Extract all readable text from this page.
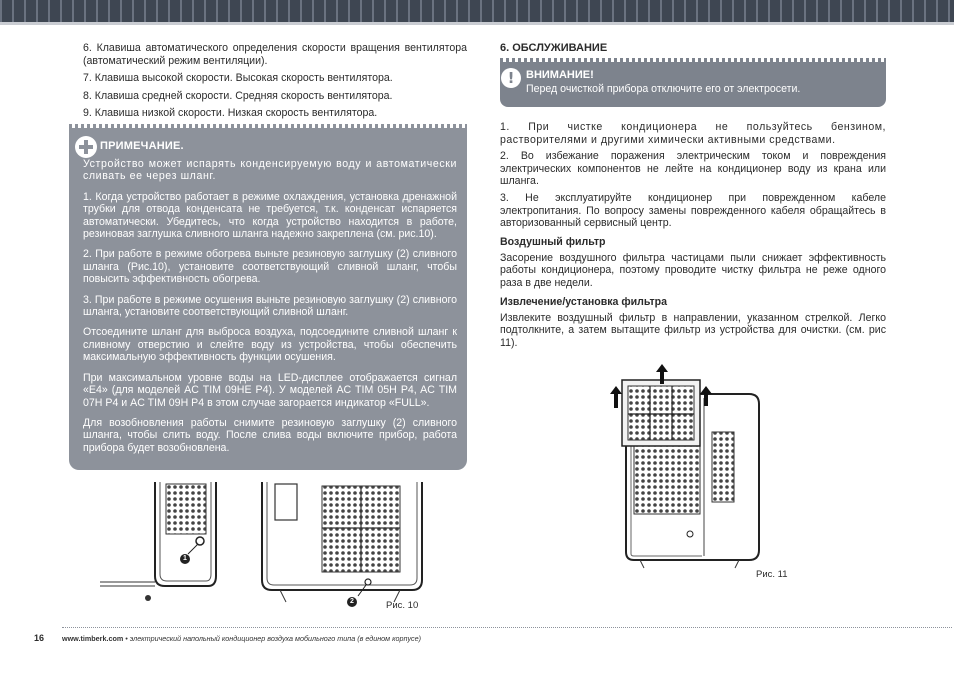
6. Клавиша автоматического определения скорости вращения вентилятора (автоматический режим вентиляции).
7. Клавиша высокой скорости. Высокая скорость вентилятора.
8. Клавиша средней скорости. Средняя скорость вентилятора.
9. Клавиша низкой скорости. Низкая скорость вентилятора.
ПРИМЕЧАНИЕ.

Устройство может испарять конденсируемую воду и автоматически сливать ее через шланг.

1. Когда устройство работает в режиме охлаждения, установка дренажной трубки для отвода конденсата не требуется, т.к. конденсат испаряется автоматически. Убедитесь, что когда устройство находится в работе, резиновая заглушка сливного шланга надежно закреплена (см. рис.10).

2. При работе в режиме обогрева выньте резиновую заглушку (2) сливного шланга (Рис.10), установите соответствующий сливной шланг, чтобы повысить эффективность обогрева.

3. При работе в режиме осушения выньте резиновую заглушку (2) сливного шланга, установите соответствующий сливной шланг.

Отсоедините шланг для выброса воздуха, подсоедините сливной шланг к сливному отверстию и слейте воду из устройства, чтобы обеспечить максимальную эффективность функции осушения.

При максимальном уровне воды на LED-дисплее отображается сигнал «E4» (для моделей AC TIM 09HE P4). У моделей AC TIM 05H P4, AC TIM 07H P4 и AC TIM 09H P4 в этом случае загорается индикатор «FULL».

Для возобновления работы снимите резиновую заглушку (2) сливного шланга, чтобы слить воду. После слива воды включите прибор, работа прибора будет возобновлена.

1
2	Рис. 10
6. ОБСЛУЖИВАНИЕ
!	ВНИМАНИЕ!
Перед очисткой прибора отключите его от электросети.

1. При чистке кондиционера не пользуйтесь бензином, растворителями и другими химически активными средствами.

2. Во избежание поражения электрическим током и повреждения электрических компонентов не лейте на кондиционер воду из крана или шланга.

3. Не эксплуатируйте кондиционер при поврежденном кабеле электропитания. По вопросу замены поврежденного кабеля обращайтесь в авторизованный сервисный центр.

Воздушный фильтр

Засорение воздушного фильтра частицами пыли снижает эффективность работы кондиционера, поэтому проводите чистку фильтра не реже одного раза в две недели.

Извлечение/установка фильтра

Извлеките воздушный фильтр в направлении, указанном стрелкой. Легко подтолкните, а затем вытащите фильтр из устройства для очистки. (см. рис 11).

Рис. 11
16 www.timberk.com • электрический напольный кондиционер воздуха мобильного типа (в едином корпусе)
